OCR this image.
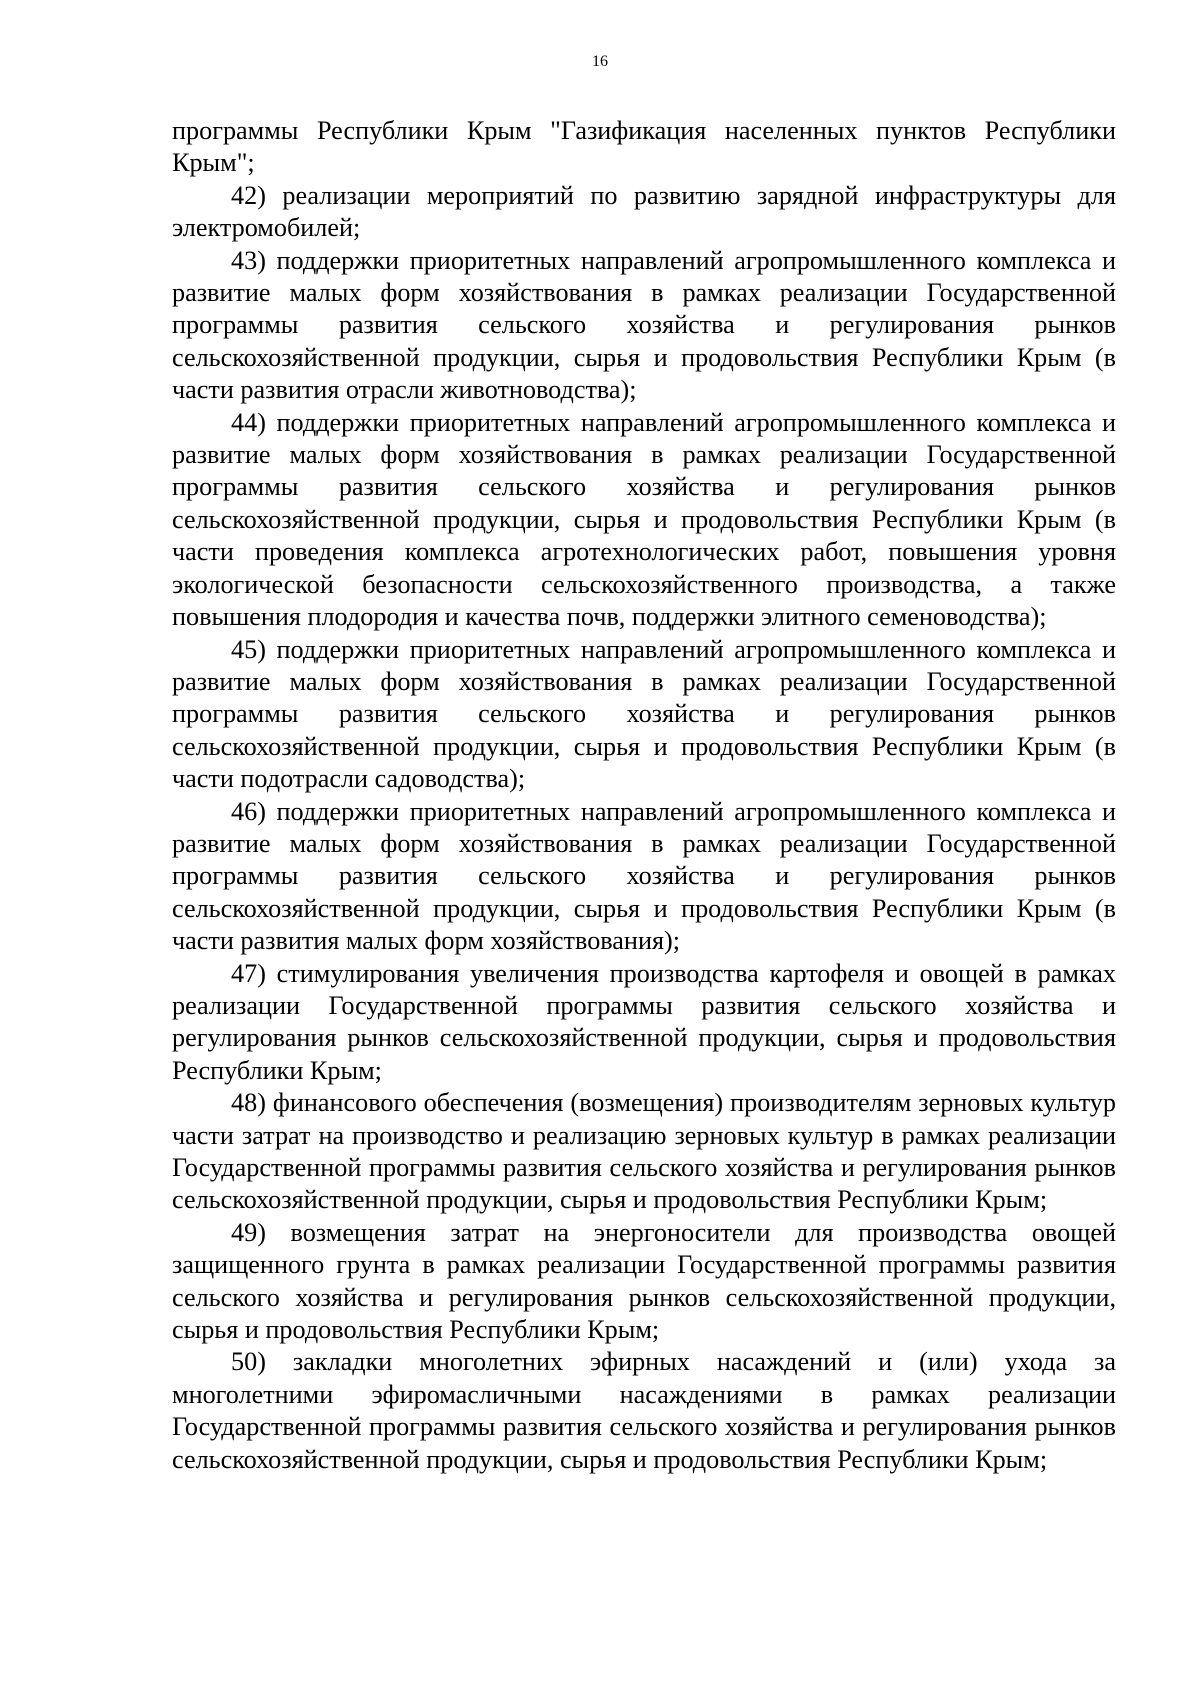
16

программы Республики Крым "Газификация населенных пунктов Республики Крым";

42) реализации мероприятий по развитию зарядной инфраструктуры для электромобилей;

43) поддержки приоритетных направлений агропромышленного комплекса и развитие малых форм хозяйствования в рамках реализации Государственной программы развития сельского хозяйства и регулирования рынков сельскохозяйственной продукции, сырья и продовольствия Республики Крым (в части развития отрасли животноводства);

44) поддержки приоритетных направлений агропромышленного комплекса и развитие малых форм хозяйствования в рамках реализации Государственной программы развития сельского хозяйства и регулирования рынков сельскохозяйственной продукции, сырья и продовольствия Республики Крым (в части проведения комплекса агротехнологических работ, повышения уровня экологической безопасности сельскохозяйственного производства, а также повышения плодородия и качества почв, поддержки элитного семеноводства);

45) поддержки приоритетных направлений агропромышленного комплекса и развитие малых форм хозяйствования в рамках реализации Государственной программы развития сельского хозяйства и регулирования рынков сельскохозяйственной продукции, сырья и продовольствия Республики Крым (в части подотрасли садоводства);

46) поддержки приоритетных направлений агропромышленного комплекса и развитие малых форм хозяйствования в рамках реализации Государственной программы развития сельского хозяйства и регулирования рынков сельскохозяйственной продукции, сырья и продовольствия Республики Крым (в части развития малых форм хозяйствования);

47) стимулирования увеличения производства картофеля и овощей в рамках реализации Государственной программы развития сельского хозяйства и регулирования рынков сельскохозяйственной продукции, сырья и продовольствия Республики Крым;

48) финансового обеспечения (возмещения) производителям зерновых культур части затрат на производство и реализацию зерновых культур в рамках реализации Государственной программы развития сельского хозяйства и регулирования рынков сельскохозяйственной продукции, сырья и продовольствия Республики Крым;

49) возмещения затрат на энергоносители для производства овощей защищенного грунта в рамках реализации Государственной программы развития сельского хозяйства и регулирования рынков сельскохозяйственной продукции, сырья и продовольствия Республики Крым;

50) закладки многолетних эфирных насаждений и (или) ухода за многолетними эфиромасличными насаждениями в рамках реализации Государственной программы развития сельского хозяйства и регулирования рынков сельскохозяйственной продукции, сырья и продовольствия Республики Крым;
